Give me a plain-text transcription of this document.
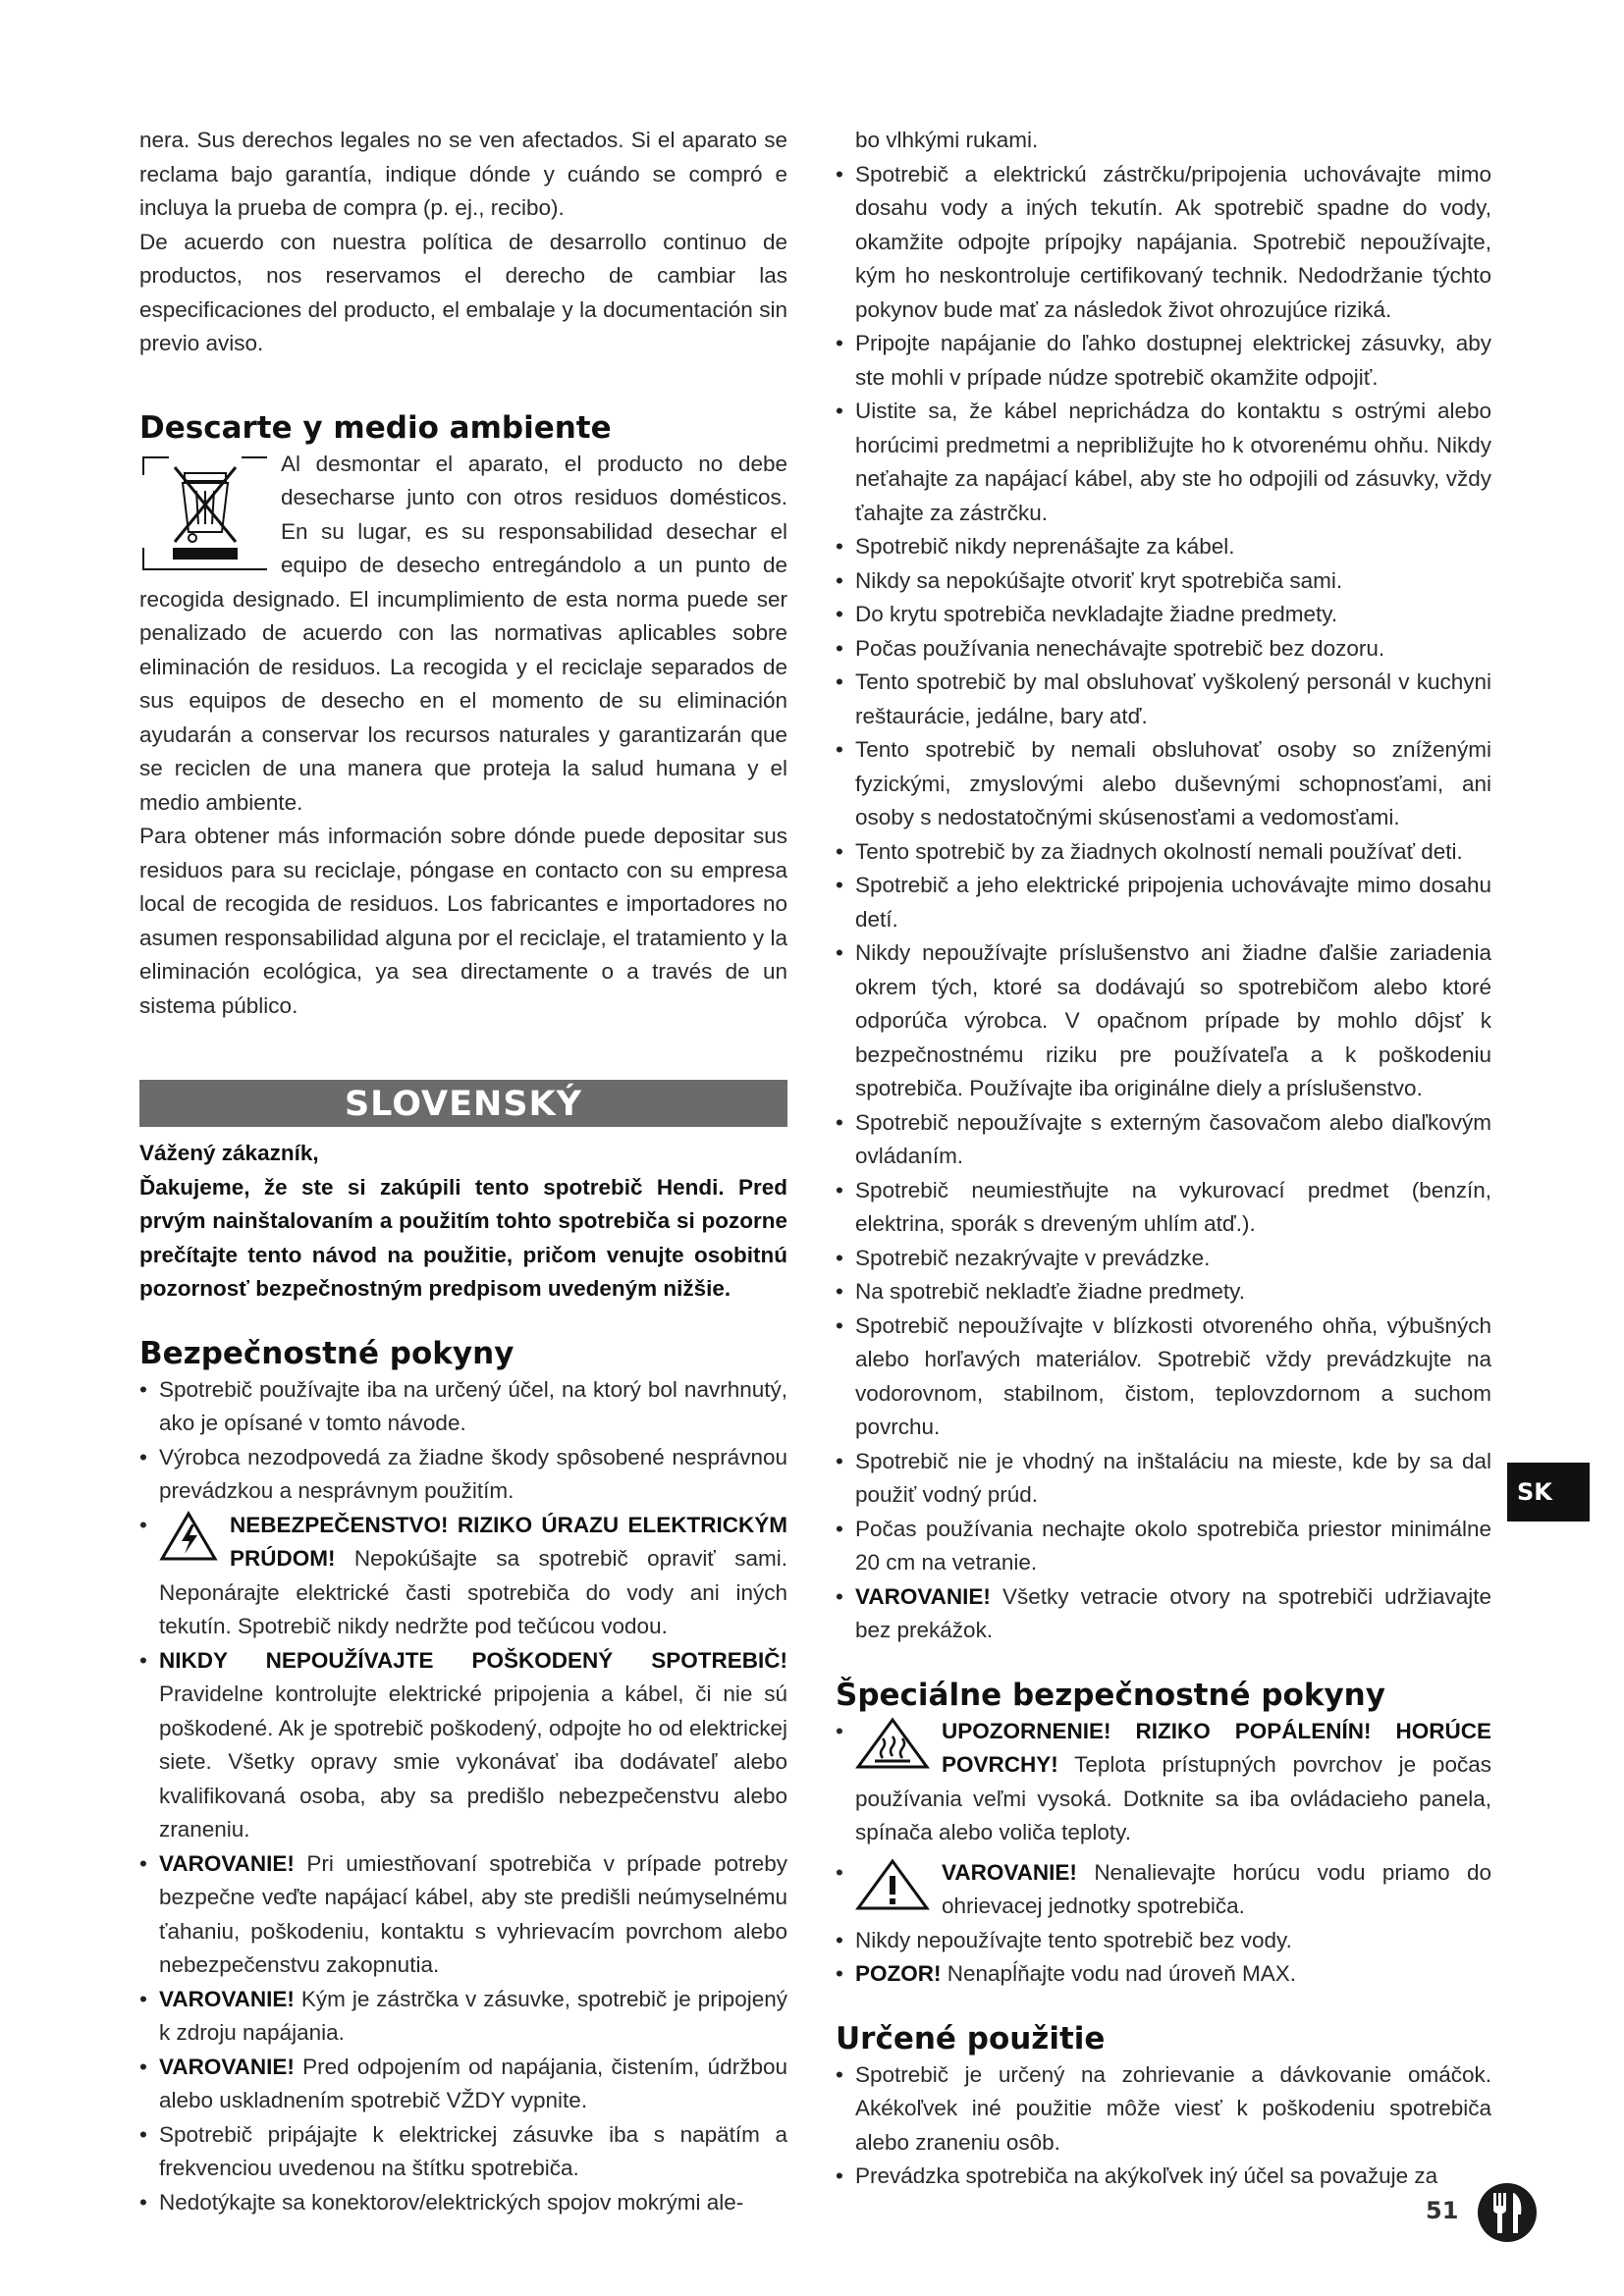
nera. Sus derechos legales no se ven afectados. Si el aparato se reclama bajo garantía, indique dónde y cuándo se compró e incluya la prueba de compra (p. ej., recibo).

De acuerdo con nuestra política de desarrollo continuo de productos, nos reservamos el derecho de cambiar las especificaciones del producto, el embalaje y la documentación sin previo aviso.

Descarte y medio ambiente

Al desmontar el aparato, el producto no debe desecharse junto con otros residuos domésticos. En su lugar, es su responsabilidad desechar el equipo de desecho entregándolo a un punto de recogida designado. El incumplimiento de esta norma puede ser penalizado de acuerdo con las normativas aplicables sobre eliminación de residuos. La recogida y el reciclaje separados de sus equipos de desecho en el momento de su eliminación ayudarán a conservar los recursos naturales y garantizarán que se reciclen de una manera que proteja la salud humana y el medio ambiente.

Para obtener más información sobre dónde puede depositar sus residuos para su reciclaje, póngase en contacto con su empresa local de recogida de residuos. Los fabricantes e importadores no asumen responsabilidad alguna por el reciclaje, el tratamiento y la eliminación ecológica, ya sea directamente o a través de un sistema público.

SLOVENSKÝ

Vážený zákazník,

Ďakujeme, že ste si zakúpili tento spotrebič Hendi. Pred prvým nainštalovaním a použitím tohto spotrebiča si pozorne prečítajte tento návod na použitie, pričom venujte osobitnú pozornosť bezpečnostným predpisom uvedeným nižšie.

Bezpečnostné pokyny
• Spotrebič používajte iba na určený účel, na ktorý bol navrhnutý, ako je opísané v tomto návode.
• Výrobca nezodpovedá za žiadne škody spôsobené nesprávnou prevádzkou a nesprávnym použitím.
•	NEBEZPEČENSTVO! RIZIKO ÚRAZU ELEKTRICKÝM PRÚDOM! Nepokúšajte sa spotrebič opraviť sami. Neponárajte elektrické časti spotrebiča do vody ani iných tekutín. Spotrebič nikdy nedržte pod tečúcou vodou.
• NIKDY NEPOUŽÍVAJTE POŠKODENÝ SPOTREBIČ! Pravidelne kontrolujte elektrické pripojenia a kábel, či nie sú poškodené. Ak je spotrebič poškodený, odpojte ho od elektrickej siete. Všetky opravy smie vykonávať iba dodávateľ alebo kvalifikovaná osoba, aby sa predišlo nebezpečenstvu alebo zraneniu.
• VAROVANIE! Pri umiestňovaní spotrebiča v prípade potreby bezpečne veďte napájací kábel, aby ste predišli neúmyselnému ťahaniu, poškodeniu, kontaktu s vyhrievacím povrchom alebo nebezpečenstvu zakopnutia.
• VAROVANIE! Kým je zástrčka v zásuvke, spotrebič je pripojený k zdroju napájania.
• VAROVANIE! Pred odpojením od napájania, čistením, údržbou alebo uskladnením spotrebič VŽDY vypnite.
• Spotrebič pripájajte k elektrickej zásuvke iba s napätím a frekvenciou uvedenou na štítku spotrebiča.
• Nedotýkajte sa konektorov/elektrických spojov mokrými ale-

bo vlhkými rukami.

• Spotrebič a elektrickú zástrčku/pripojenia uchovávajte mimo dosahu vody a iných tekutín. Ak spotrebič spadne do vody, okamžite odpojte prípojky napájania. Spotrebič nepoužívajte, kým ho neskontroluje certifikovaný technik. Nedodržanie týchto pokynov bude mať za následok život ohrozujúce riziká.
• Pripojte napájanie do ľahko dostupnej elektrickej zásuvky, aby ste mohli v prípade núdze spotrebič okamžite odpojiť.
• Uistite sa, že kábel neprichádza do kontaktu s ostrými alebo horúcimi predmetmi a nepribližujte ho k otvorenému ohňu. Nikdy neťahajte za napájací kábel, aby ste ho odpojili od zásuvky, vždy ťahajte za zástrčku.
• Spotrebič nikdy neprenášajte za kábel.
• Nikdy sa nepokúšajte otvoriť kryt spotrebiča sami.
• Do krytu spotrebiča nevkladajte žiadne predmety.
• Počas používania nenechávajte spotrebič bez dozoru.
• Tento spotrebič by mal obsluhovať vyškolený personál v kuchyni reštaurácie, jedálne, bary atď.
• Tento spotrebič by nemali obsluhovať osoby so zníženými fyzickými, zmyslovými alebo duševnými schopnosťami, ani osoby s nedostatočnými skúsenosťami a vedomosťami.
• Tento spotrebič by za žiadnych okolností nemali používať deti.
• Spotrebič a jeho elektrické pripojenia uchovávajte mimo dosahu detí.
• Nikdy nepoužívajte príslušenstvo ani žiadne ďalšie zariadenia okrem tých, ktoré sa dodávajú so spotrebičom alebo ktoré odporúča výrobca. V opačnom prípade by mohlo dôjsť k bezpečnostnému riziku pre používateľa a k poškodeniu spotrebiča. Používajte iba originálne diely a príslušenstvo.
• Spotrebič nepoužívajte s externým časovačom alebo diaľkovým ovládaním.
• Spotrebič neumiestňujte na vykurovací predmet (benzín, elektrina, sporák s dreveným uhlím atď.).
• Spotrebič nezakrývajte v prevádzke.
• Na spotrebič nekladťe žiadne predmety.
• Spotrebič nepoužívajte v blízkosti otvoreného ohňa, výbušných alebo horľavých materiálov. Spotrebič vždy prevádzkujte na vodorovnom, stabilnom, čistom, teplovzdornom a suchom povrchu.
• Spotrebič nie je vhodný na inštaláciu na mieste, kde by sa dal použiť vodný prúd.
• Počas používania nechajte okolo spotrebiča priestor minimálne 20 cm na vetranie.
• VAROVANIE! Všetky vetracie otvory na spotrebiči udržiavajte bez prekážok.
Špeciálne bezpečnostné pokyny
•	UPOZORNENIE! RIZIKO POPÁLENÍN! HORÚCE POVRCHY! Teplota prístupných povrchov je počas používania veľmi vysoká. Dotknite sa iba ovládacieho panela, spínača alebo voliča teploty.
•	VAROVANIE! Nenalievajte horúcu vodu priamo do ohrievacej jednotky spotrebiča.
• Nikdy nepoužívajte tento spotrebič bez vody.
• POZOR! Nenapĺňajte vodu nad úroveň MAX.
Určené použitie
• Spotrebič je určený na zohrievanie a dávkovanie omáčok. Akékoľvek iné použitie môže viesť k poškodeniu spotrebiča alebo zraneniu osôb.
• Prevádzka spotrebiča na akýkoľvek iný účel sa považuje za
SK
51
